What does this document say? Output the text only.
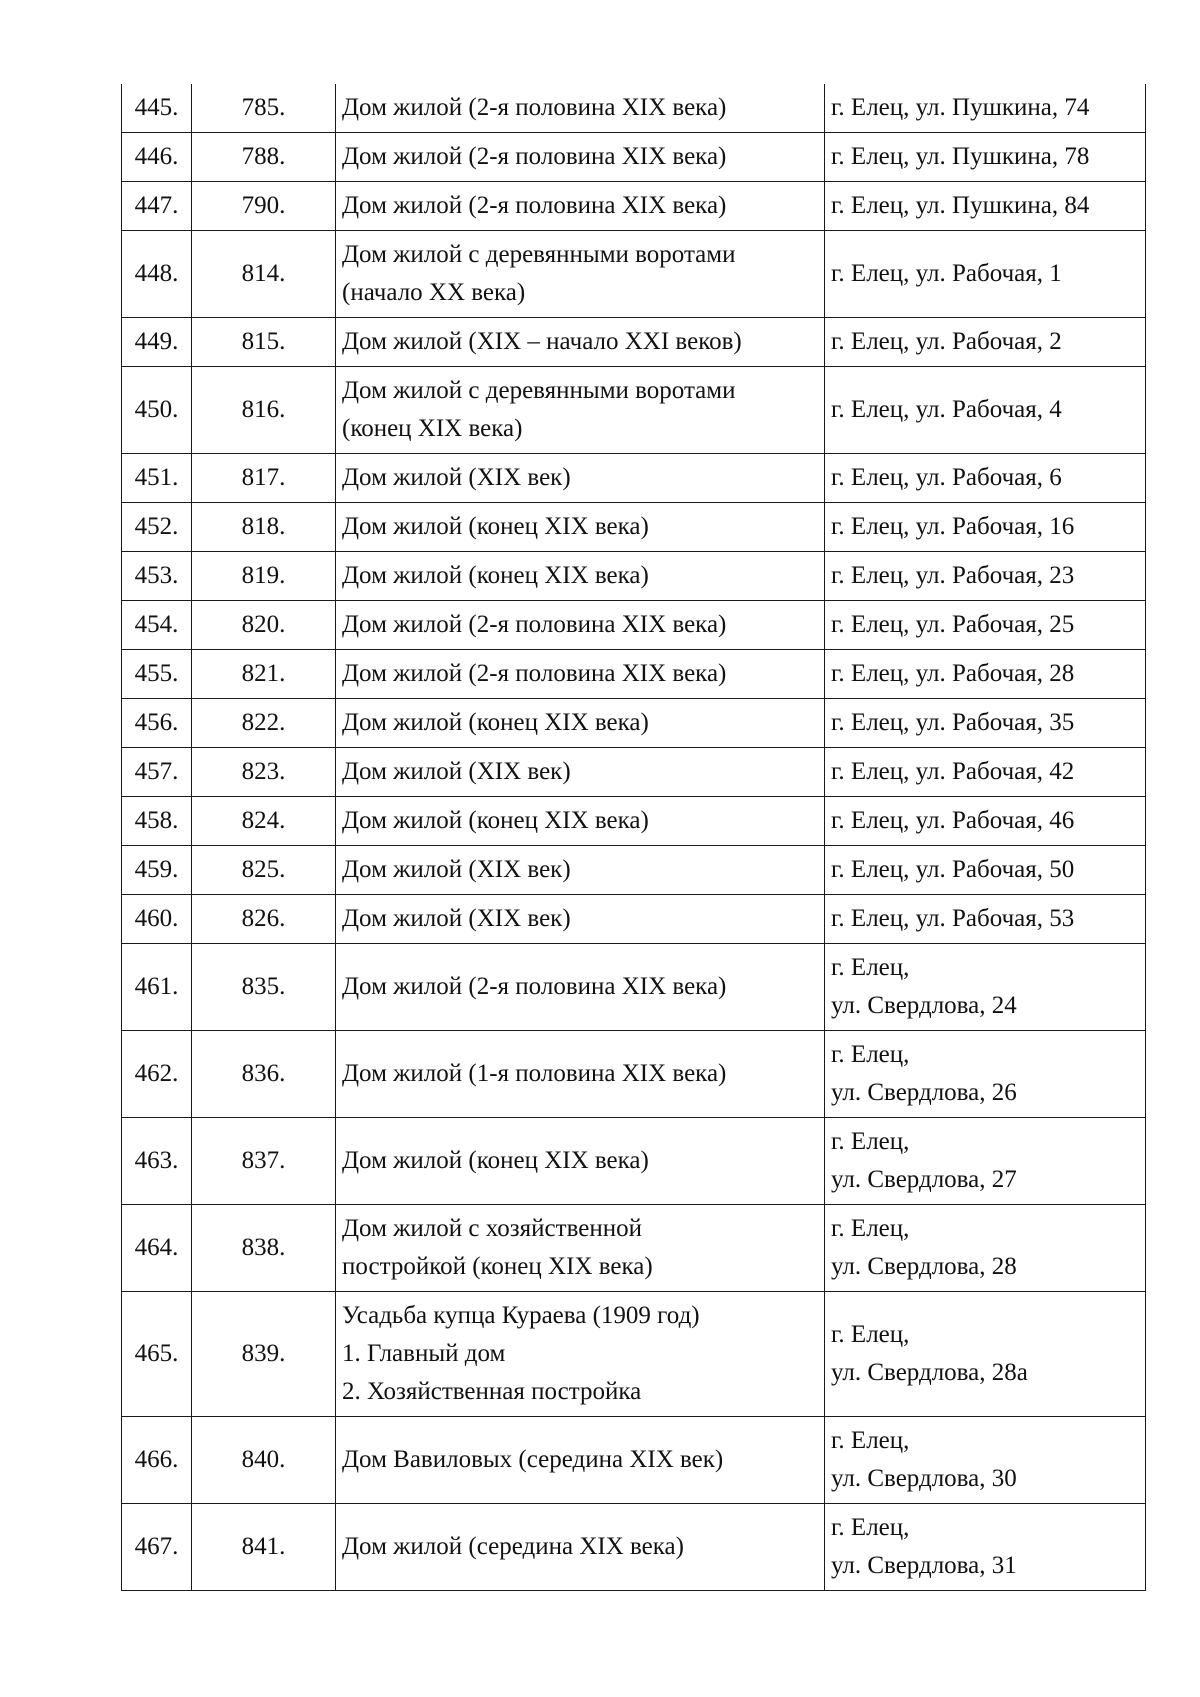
445.	785.	Дом жилой (2-я половина XIX века)	г. Елец, ул. Пушкина, 74

446.	788.	Дом жилой (2-я половина XIX века)	г. Елец, ул. Пушкина, 78

447.	790.	Дом жилой (2-я половина XIX века)	г. Елец, ул. Пушкина, 84

448.	814.	Дом жилой с деревянными воротами
(начало XX века)	г. Елец, ул. Рабочая, 1

449.	815.	Дом жилой (XIX – начало XXI веков)	г. Елец, ул. Рабочая, 2

450.	816.	Дом жилой с деревянными воротами
(конец XIX века)	г. Елец, ул. Рабочая, 4

451.	817.	Дом жилой (XIX век)	г. Елец, ул. Рабочая, 6

452.	818.	Дом жилой (конец XIX века)	г. Елец, ул. Рабочая, 16

453.	819.	Дом жилой (конец XIX века)	г. Елец, ул. Рабочая, 23

454.	820.	Дом жилой (2-я половина XIX века)	г. Елец, ул. Рабочая, 25

455.	821.	Дом жилой (2-я половина XIX века)	г. Елец, ул. Рабочая, 28

456.	822.	Дом жилой (конец XIX века)	г. Елец, ул. Рабочая, 35

457.	823.	Дом жилой (XIX век)	г. Елец, ул. Рабочая, 42

458.	824.	Дом жилой (конец XIX века)	г. Елец, ул. Рабочая, 46

459.	825.	Дом жилой (XIX век)	г. Елец, ул. Рабочая, 50

460.	826.	Дом жилой (XIX век)	г. Елец, ул. Рабочая, 53

461.	835.	Дом жилой (2-я половина XIX века)	г. Елец,
ул. Свердлова, 24

462.	836.	Дом жилой (1-я половина XIX века)	г. Елец,
ул. Свердлова, 26

463.	837.	Дом жилой (конец XIX века)	г. Елец,
ул. Свердлова, 27

464.	838.	Дом жилой с хозяйственной
постройкой (конец XIX века)	г. Елец,
ул. Свердлова, 28

465.	839.	Усадьба купца Кураева (1909 год)
1. Главный дом
2. Хозяйственная постройка	г. Елец,
ул. Свердлова, 28а

466.	840.	Дом Вавиловых (середина XIX век)	г. Елец,
ул. Свердлова, 30

467.	841.	Дом жилой (середина XIX века)	г. Елец,
ул. Свердлова, 31
